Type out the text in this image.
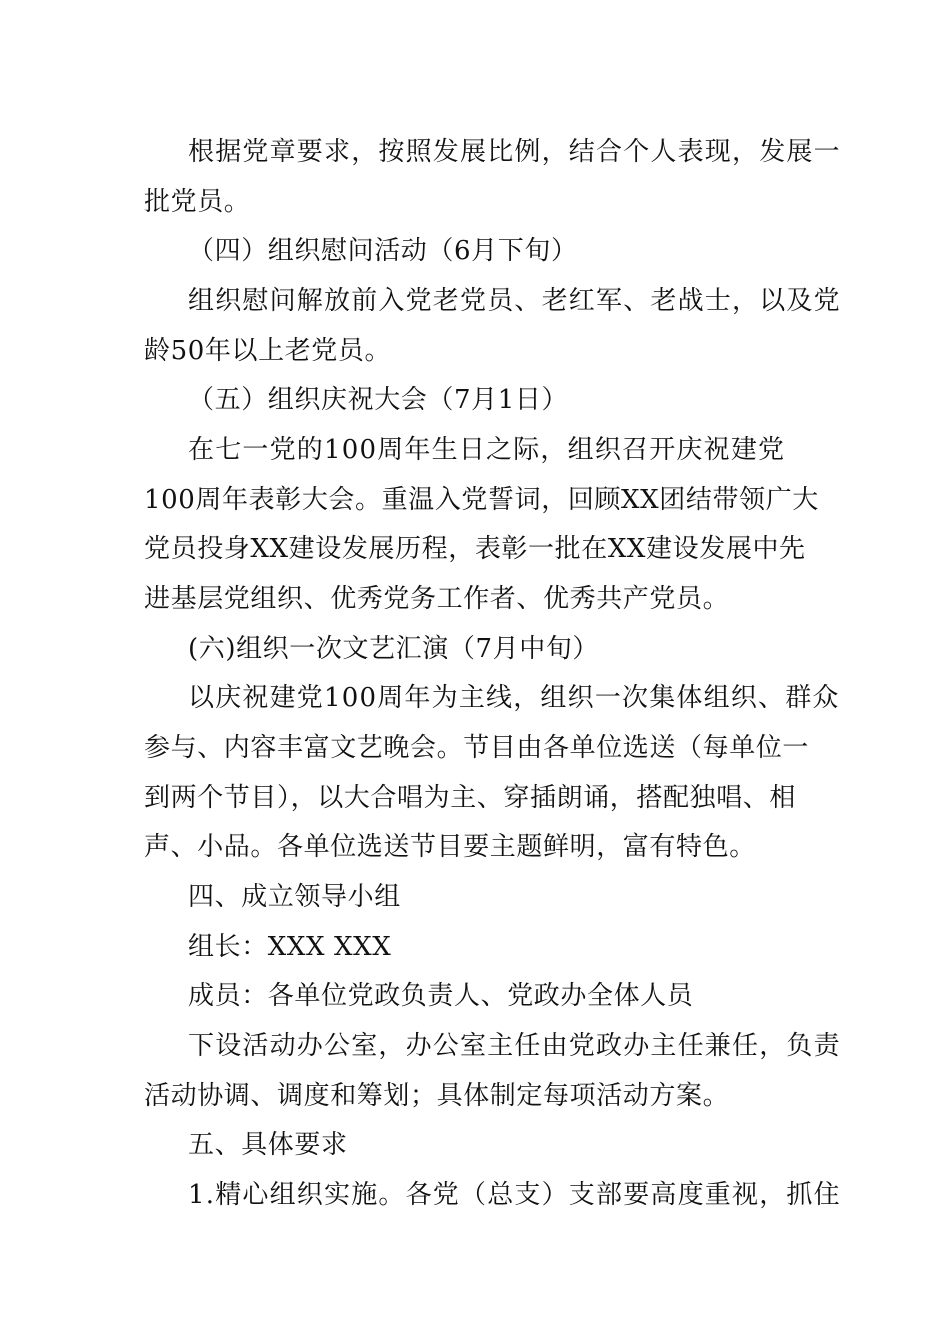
根据党章要求，按照发展比例，结合个人表现，发展一
批党员。
（四）组织慰问活动（6月下旬）
组织慰问解放前入党老党员、老红军、老战士，以及党
龄50年以上老党员。
（五）组织庆祝大会（7月1日）
在七一党的100周年生日之际，组织召开庆祝建党
100周年表彰大会。重温入党誓词，回顾XX团结带领广大
党员投身XX建设发展历程，表彰一批在XX建设发展中先
进基层党组织、优秀党务工作者、优秀共产党员。
(六)组织一次文艺汇演（7月中旬）
以庆祝建党100周年为主线，组织一次集体组织、群众
参与、内容丰富文艺晚会。节目由各单位选送（每单位一
到两个节目），以大合唱为主、穿插朗诵，搭配独唱、相
声、小品。各单位选送节目要主题鲜明，富有特色。
四、成立领导小组
组长：XXX XXX
成员：各单位党政负责人、党政办全体人员
下设活动办公室，办公室主任由党政办主任兼任，负责
活动协调、调度和筹划；具体制定每项活动方案。
五、具体要求
1.精心组织实施。各党（总支）支部要高度重视，抓住
